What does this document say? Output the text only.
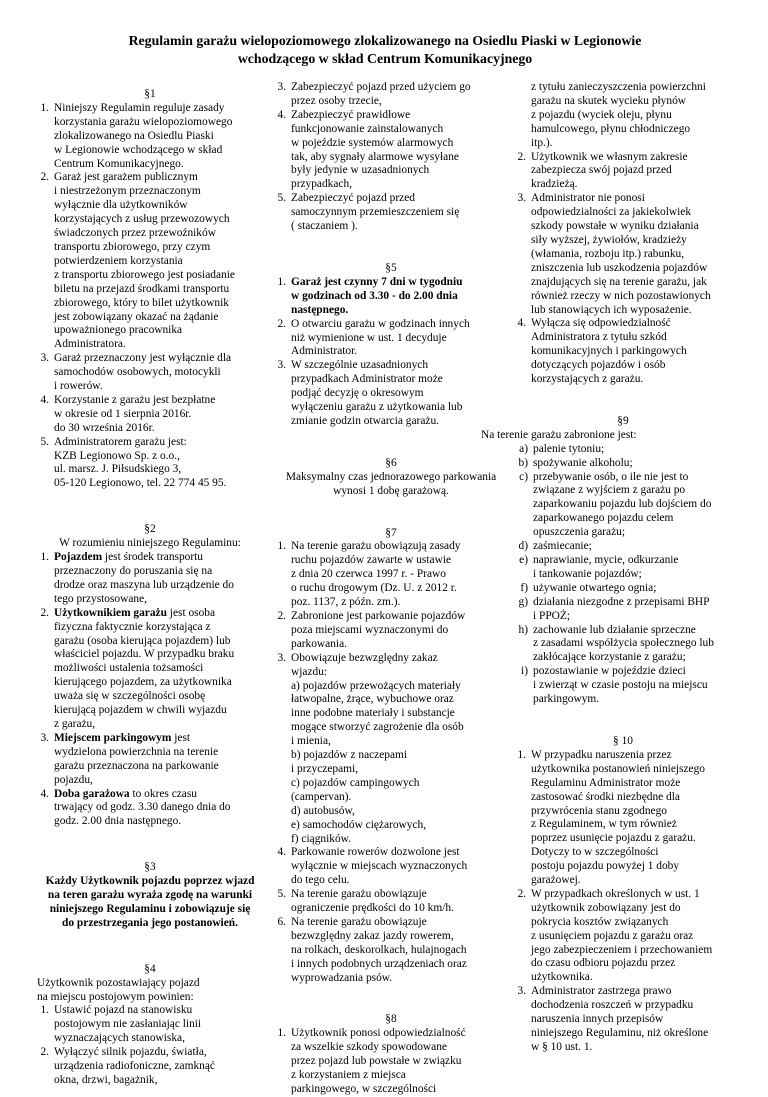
Regulamin garażu wielopoziomowego zlokalizowanego na Osiedlu Piaski w Legionowie
wchodzącego w skład Centrum Komunikacyjnego
§1
1. Niniejszy Regulamin reguluje zasady
korzystania garażu wielopoziomowego
zlokalizowanego na Osiedlu Piaski
w Legionowie wchodzącego w skład
Centrum Komunikacyjnego.
2. Garaż jest garażem publicznym
i niestrzeżonym przeznaczonym
wyłącznie dla użytkowników
korzystających z usług przewozowych
świadczonych przez przewoźników
transportu zbiorowego, przy czym
potwierdzeniem korzystania
z transportu zbiorowego jest posiadanie
biletu na przejazd środkami transportu
zbiorowego, który to bilet użytkownik
jest zobowiązany okazać na żądanie
upoważnionego pracownika
Administratora.
3. Garaż przeznaczony jest wyłącznie dla
samochodów osobowych, motocykli
i rowerów.
4. Korzystanie z garażu jest bezpłatne
w okresie od 1 sierpnia 2016r.
do 30 września 2016r.
5. Administratorem garażu jest:
KZB Legionowo Sp. z o.o.,
ul. marsz. J. Piłsudskiego 3,
05-120 Legionowo, tel. 22 774 45 95.
§2
W rozumieniu niniejszego Regulaminu:
1. Pojazdem jest środek transportu
przeznaczony do poruszania się na
drodze oraz maszyna lub urządzenie do
tego przystosowane,
2. Użytkownikiem garażu jest osoba
fizyczna faktycznie korzystająca z
garażu (osoba kierująca pojazdem) lub
właściciel pojazdu. W przypadku braku
możliwości ustalenia tożsamości
kierującego pojazdem, za użytkownika
uważa się w szczególności osobę
kierującą pojazdem w chwili wyjazdu
z garażu,
3. Miejscem parkingowym jest
wydzielona powierzchnia na terenie
garażu przeznaczona na parkowanie
pojazdu,
4. Doba garażowa to okres czasu
trwający od godz. 3.30 danego dnia do
godz. 2.00 dnia następnego.
§3
Każdy Użytkownik pojazdu poprzez wjazd
na teren garażu wyraża zgodę na warunki
niniejszego Regulaminu i zobowiązuje się
do przestrzegania jego postanowień.
§4
Użytkownik pozostawiający pojazd
na miejscu postojowym powinien:
1. Ustawić pojazd na stanowisku
postojowym nie zasłaniając linii
wyznaczających stanowiska,
2. Wyłączyć silnik pojazdu, światła,
urządzenia radiofoniczne, zamknąć
okna, drzwi, bagażnik,
3. Zabezpieczyć pojazd przed użyciem go
przez osoby trzecie,
4. Zabezpieczyć prawidłowe
funkcjonowanie zainstalowanych
w pojeździe systemów alarmowych
tak, aby sygnały alarmowe wysyłane
były jedynie w uzasadnionych
przypadkach,
5. Zabezpieczyć pojazd przed
samoczynnym przemieszczeniem się
( staczaniem ).
§5
1. Garaż jest czynny 7 dni w tygodniu
w godzinach od 3.30 - do 2.00 dnia
następnego.
2. O otwarciu garażu w godzinach innych
niż wymienione w ust. 1 decyduje
Administrator.
3. W szczególnie uzasadnionych
przypadkach Administrator może
podjąć decyzję o okresowym
wyłączeniu garażu z użytkowania lub
zmianie godzin otwarcia garażu.
§6
Maksymalny czas jednorazowego parkowania
wynosi 1 dobę garażową.
§7
1. Na terenie garażu obowiązują zasady
ruchu pojazdów zawarte w ustawie
z dnia 20 czerwca 1997 r. - Prawo
o ruchu drogowym (Dz. U. z 2012 r.
poz. 1137, z późn. zm.).
2. Zabronione jest parkowanie pojazdów
poza miejscami wyznaczonymi do
parkowania.
3. Obowiązuje bezwzględny zakaz
wjazdu:
a) pojazdów przewożących materiały
łatwopalne, żrące, wybuchowe oraz
inne podobne materiały i substancje
mogące stworzyć zagrożenie dla osób
i mienia,
b) pojazdów z naczepami
i przyczepami,
c) pojazdów campingowych
(campervan).
d) autobusów,
e) samochodów ciężarowych,
f) ciągników.
4. Parkowanie rowerów dozwolone jest
wyłącznie w miejscach wyznaczonych
do tego celu.
5. Na terenie garażu obowiązuje
ograniczenie prędkości do 10 km/h.
6. Na terenie garażu obowiązuje
bezwzględny zakaz jazdy rowerem,
na rolkach, deskorolkach, hulajnogach
i innych podobnych urządzeniach oraz
wyprowadzania psów.
§8
1. Użytkownik ponosi odpowiedzialność
za wszelkie szkody spowodowane
przez pojazd lub powstałe w związku
z korzystaniem z miejsca
parkingowego, w szczególności
z tytułu zanieczyszczenia powierzchni
garażu na skutek wycieku płynów
z pojazdu (wyciek oleju, płynu
hamulcowego, płynu chłodniczego
itp.).
2. Użytkownik we własnym zakresie
zabezpiecza swój pojazd przed
kradzieżą.
3. Administrator nie ponosi
odpowiedzialności za jakiekolwiek
szkody powstałe w wyniku działania
siły wyższej, żywiołów, kradzieży
(włamania, rozboju itp.) rabunku,
zniszczenia lub uszkodzenia pojazdów
znajdujących się na terenie garażu, jak
również rzeczy w nich pozostawionych
lub stanowiących ich wyposażenie.
4. Wyłącza się odpowiedzialność
Administratora z tytułu szkód
komunikacyjnych i parkingowych
dotyczących pojazdów i osób
korzystających z garażu.
§9
Na terenie garażu zabronione jest:
a) palenie tytoniu;
b) spożywanie alkoholu;
c) przebywanie osób, o ile nie jest to
związane z wyjściem z garażu po
zaparkowaniu pojazdu lub dojściem do
zaparkowanego pojazdu celem
opuszczenia garażu;
d) zaśmiecanie;
e) naprawianie, mycie, odkurzanie
i tankowanie pojazdów;
f) używanie otwartego ognia;
g) działania niezgodne z przepisami BHP
i PPOŻ;
h) zachowanie lub działanie sprzeczne
z zasadami współżycia społecznego lub
zakłócające korzystanie z garażu;
i) pozostawianie w pojeździe dzieci
i zwierząt w czasie postoju na miejscu
parkingowym.
§ 10
1. W przypadku naruszenia przez
użytkownika postanowień niniejszego
Regulaminu Administrator może
zastosować środki niezbędne dla
przywrócenia stanu zgodnego
z Regulaminem, w tym również
poprzez usunięcie pojazdu z garażu.
Dotyczy to w szczególności
postoju pojazdu powyżej 1 doby
garażowej.
2. W przypadkach określonych w ust. 1
użytkownik zobowiązany jest do
pokrycia kosztów związanych
z usunięciem pojazdu z garażu oraz
jego zabezpieczeniem i przechowaniem
do czasu odbioru pojazdu przez
użytkownika.
3. Administrator zastrzega prawo
dochodzenia roszczeń w przypadku
naruszenia innych przepisów
niniejszego Regulaminu, niż określone
w § 10 ust. 1.
